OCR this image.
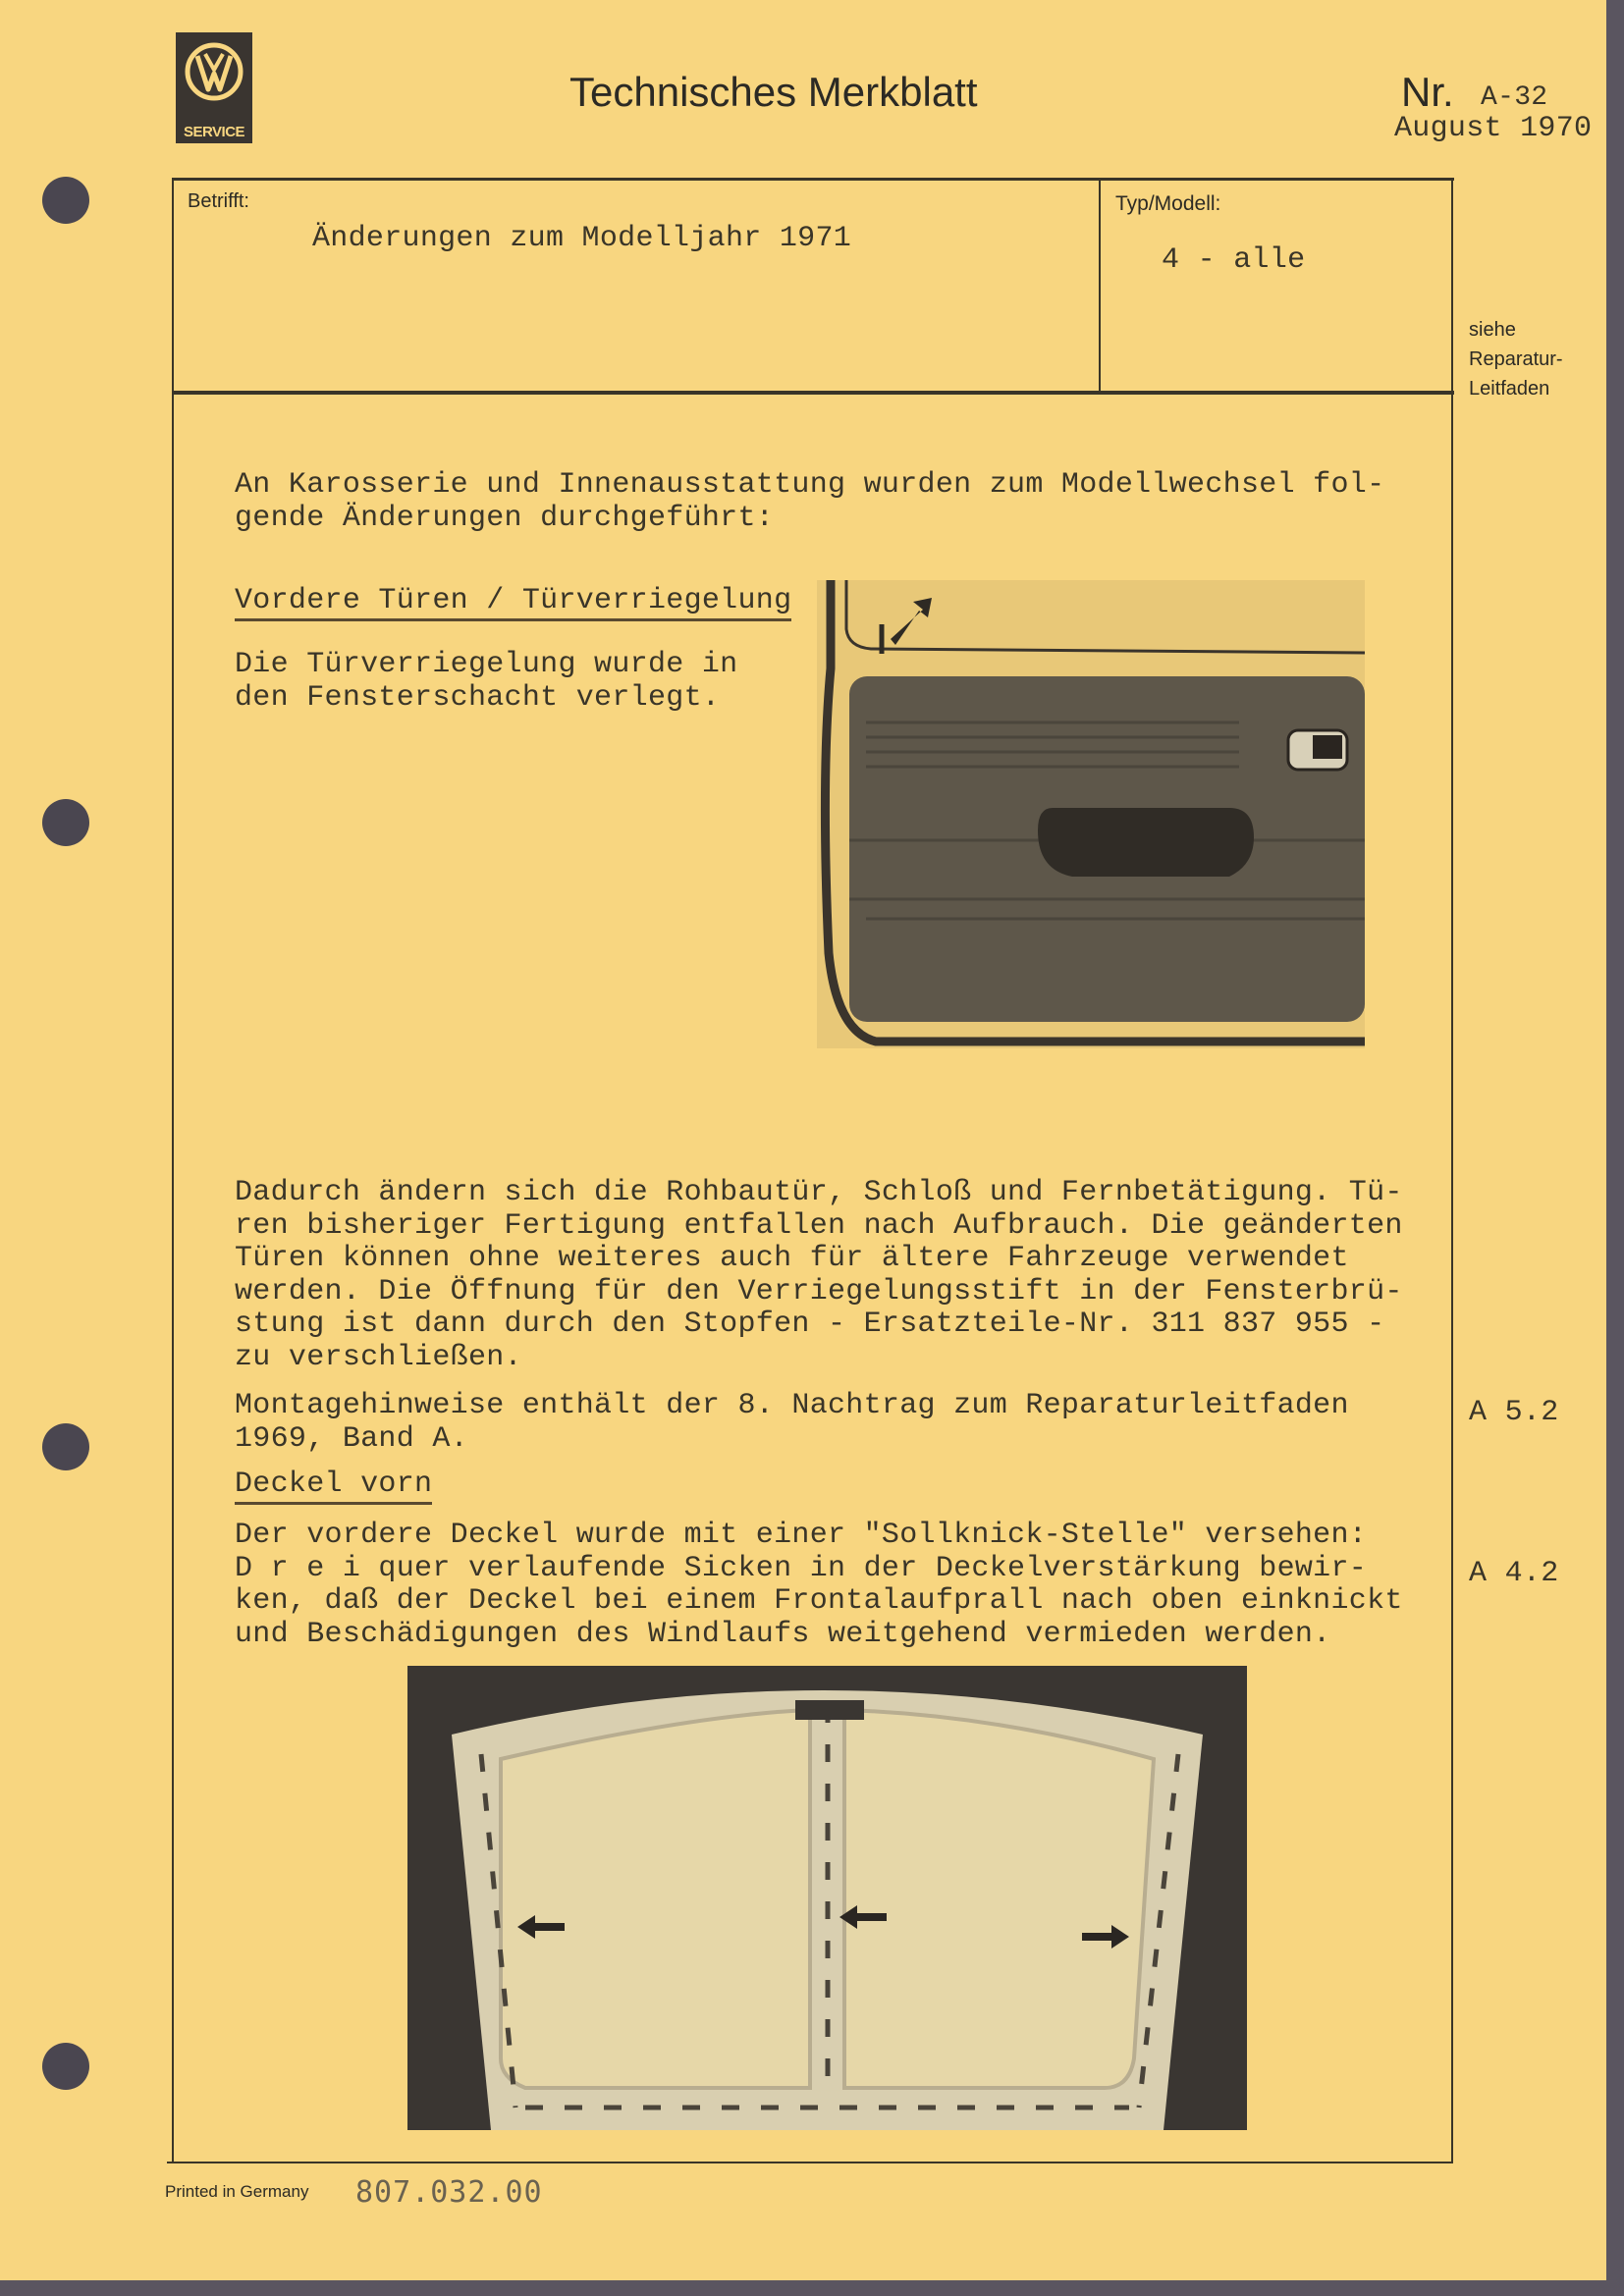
SERVICE
Technisches Merkblatt	Nr. A-32
August 1970
Betrifft:
Änderungen zum Modelljahr 1971
Typ/Modell:
4 - alle
siehe
Reparatur-
Leitfaden
An Karosserie und Innenausstattung wurden zum Modellwechsel fol-
gende Änderungen durchgeführt:
Vordere Türen / Türverriegelung
Die Türverriegelung wurde in
den Fensterschacht verlegt.
Dadurch ändern sich die Rohbautür, Schloß und Fernbetätigung. Tü-
ren bisheriger Fertigung entfallen nach Aufbrauch. Die geänderten
Türen können ohne weiteres auch für ältere Fahrzeuge verwendet
werden. Die Öffnung für den Verriegelungsstift in der Fensterbrü-
stung ist dann durch den Stopfen - Ersatzteile-Nr. 311 837 955 -
zu verschließen.
Montagehinweise enthält der 8. Nachtrag zum Reparaturleitfaden
1969, Band A.
A 5.2
Deckel vorn
Der vordere Deckel wurde mit einer "Sollknick-Stelle" versehen:
D r e i quer verlaufende Sicken in der Deckelverstärkung bewir-
ken, daß der Deckel bei einem Frontalaufprall nach oben einknickt
und Beschädigungen des Windlaufs weitgehend vermieden werden.
A 4.2
Printed in Germany 807.032.00
